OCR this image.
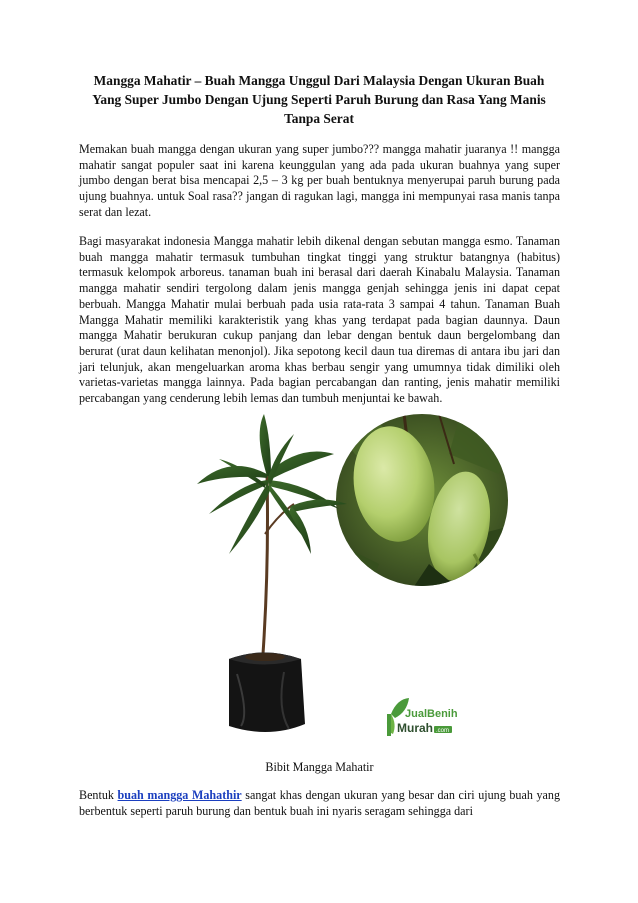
Mangga Mahatir – Buah Mangga Unggul Dari Malaysia Dengan Ukuran Buah Yang Super Jumbo Dengan Ujung Seperti Paruh Burung dan Rasa Yang Manis Tanpa Serat

Memakan buah mangga dengan ukuran yang super jumbo??? mangga mahatir juaranya !! mangga mahatir sangat populer saat ini karena keunggulan yang ada pada ukuran buahnya yang super jumbo dengan berat bisa mencapai 2,5 – 3 kg per buah bentuknya menyerupai paruh burung pada ujung buahnya. untuk Soal rasa?? jangan di ragukan lagi, mangga ini mempunyai rasa manis tanpa serat dan lezat.

Bagi masyarakat indonesia Mangga mahatir lebih dikenal dengan sebutan mangga esmo. Tanaman buah mangga mahatir termasuk tumbuhan tingkat tinggi yang struktur batangnya (habitus) termasuk kelompok arboreus. tanaman buah ini berasal dari daerah Kinabalu Malaysia. Tanaman mangga mahatir sendiri tergolong dalam jenis mangga genjah sehingga jenis ini dapat cepat berbuah. Mangga Mahatir mulai berbuah pada usia rata-rata 3 sampai 4 tahun. Tanaman Buah Mangga Mahatir memiliki karakteristik yang khas yang terdapat pada bagian daunnya. Daun mangga Mahatir berukuran cukup panjang dan lebar dengan bentuk daun bergelombang dan berurat (urat daun kelihatan menonjol). Jika sepotong kecil daun tua diremas di antara ibu jari dan jari telunjuk, akan mengeluarkan aroma khas berbau sengir yang umumnya tidak dimiliki oleh varietas-varietas mangga lainnya. Pada bagian percabangan dan ranting, jenis mahatir memiliki percabangan yang cenderung lebih lemas dan tumbuh menjuntai ke bawah.

JualBenih
Murah .com

Bibit Mangga Mahatir

Bentuk buah mangga Mahathir sangat khas dengan ukuran yang besar dan ciri ujung buah yang berbentuk seperti paruh burung dan bentuk buah ini nyaris seragam sehingga dari
